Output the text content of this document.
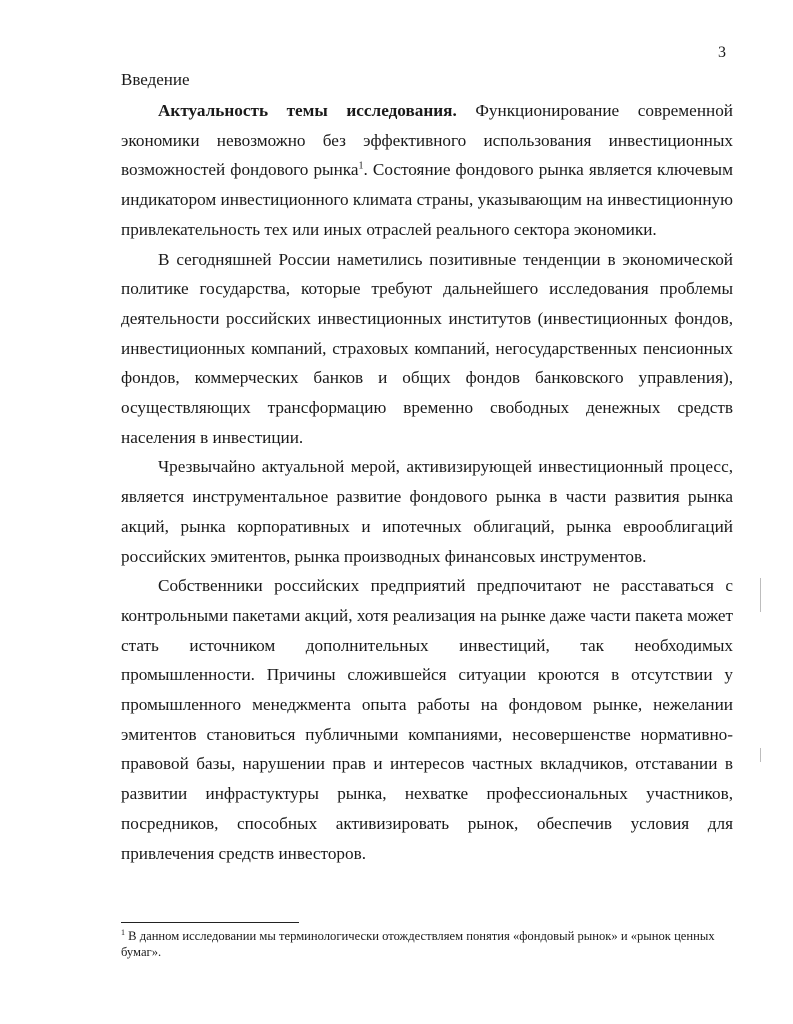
3
Введение

Актуальность темы исследования. Функционирование современной экономики невозможно без эффективного использования инвестиционных возможностей фондового рынка$^1$. Состояние фондового рынка является ключевым индикатором инвестиционного климата страны, указывающим на инвестиционную привлекательность тех или иных отраслей реального сектора экономики.

В сегодняшней России наметились позитивные тенденции в экономической политике государства, которые требуют дальнейшего исследования проблемы деятельности российских инвестиционных институтов (инвестиционных фондов, инвестиционных компаний, страховых компаний, негосударственных пенсионных фондов, коммерческих банков и общих фондов банковского управления), осуществляющих трансформацию временно свободных денежных средств населения в инвестиции.

Чрезвычайно актуальной мерой, активизирующей инвестиционный процесс, является инструментальное развитие фондового рынка в части развития рынка акций, рынка корпоративных и ипотечных облигаций, рынка еврооблигаций российских эмитентов, рынка производных финансовых инструментов.

Собственники российских предприятий предпочитают не расставаться с контрольными пакетами акций, хотя реализация на рынке даже части пакета может стать источником дополнительных инвестиций, так необходимых промышленности. Причины сложившейся ситуации кроются в отсутствии у промышленного менеджмента опыта работы на фондовом рынке, нежелании эмитентов становиться публичными компаниями, несовершенстве нормативно-правовой базы, нарушении прав и интересов частных вкладчиков, отставании в развитии инфрастуктуры рынка, нехватке профессиональных участников, посредников, способных активизировать рынок, обеспечив условия для привлечения средств инвесторов.

$^1$ В данном исследовании мы терминологически отождествляем понятия «фондовый рынок» и «рынок ценных бумаг».
